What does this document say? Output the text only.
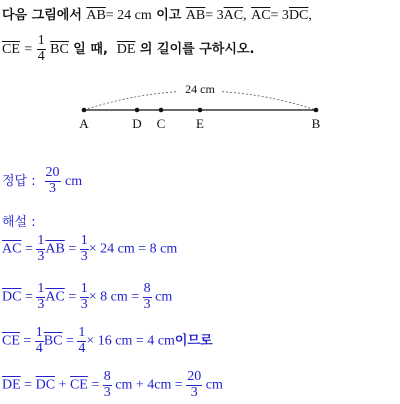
다음 그림에서 $\overline{AB}= 24$ cm 이고 $\overline{AB}= 3\overline{AC}$, $\overline{AC}= 3\overline{DC}$,
$\overline{CE} = \frac{1}{4} \overline{BC}$ 일 때, $\overline{DE}$ 의 길이를 구하시오.
24 cm
A	D C E	B
정답 : $\frac{20}{3}$ cm
해설 :
$\overline{AC} = \frac{1}{3} \overline{AB} = \frac{1}{3} \times 24$ cm = 8 cm
$\overline{DC} = \frac{1}{3} \overline{AC} = \frac{1}{3} \times 8$ cm = $\frac{8}{3}$ cm
$\overline{CE} = \frac{1}{4} \overline{BC} = \frac{1}{4} \times 16$ cm = 4 cm이므로
$\overline{DE} = \overline{DC} + \overline{CE} = \frac{8}{3}$ cm + $4cm = \frac{20}{3}$ cm
